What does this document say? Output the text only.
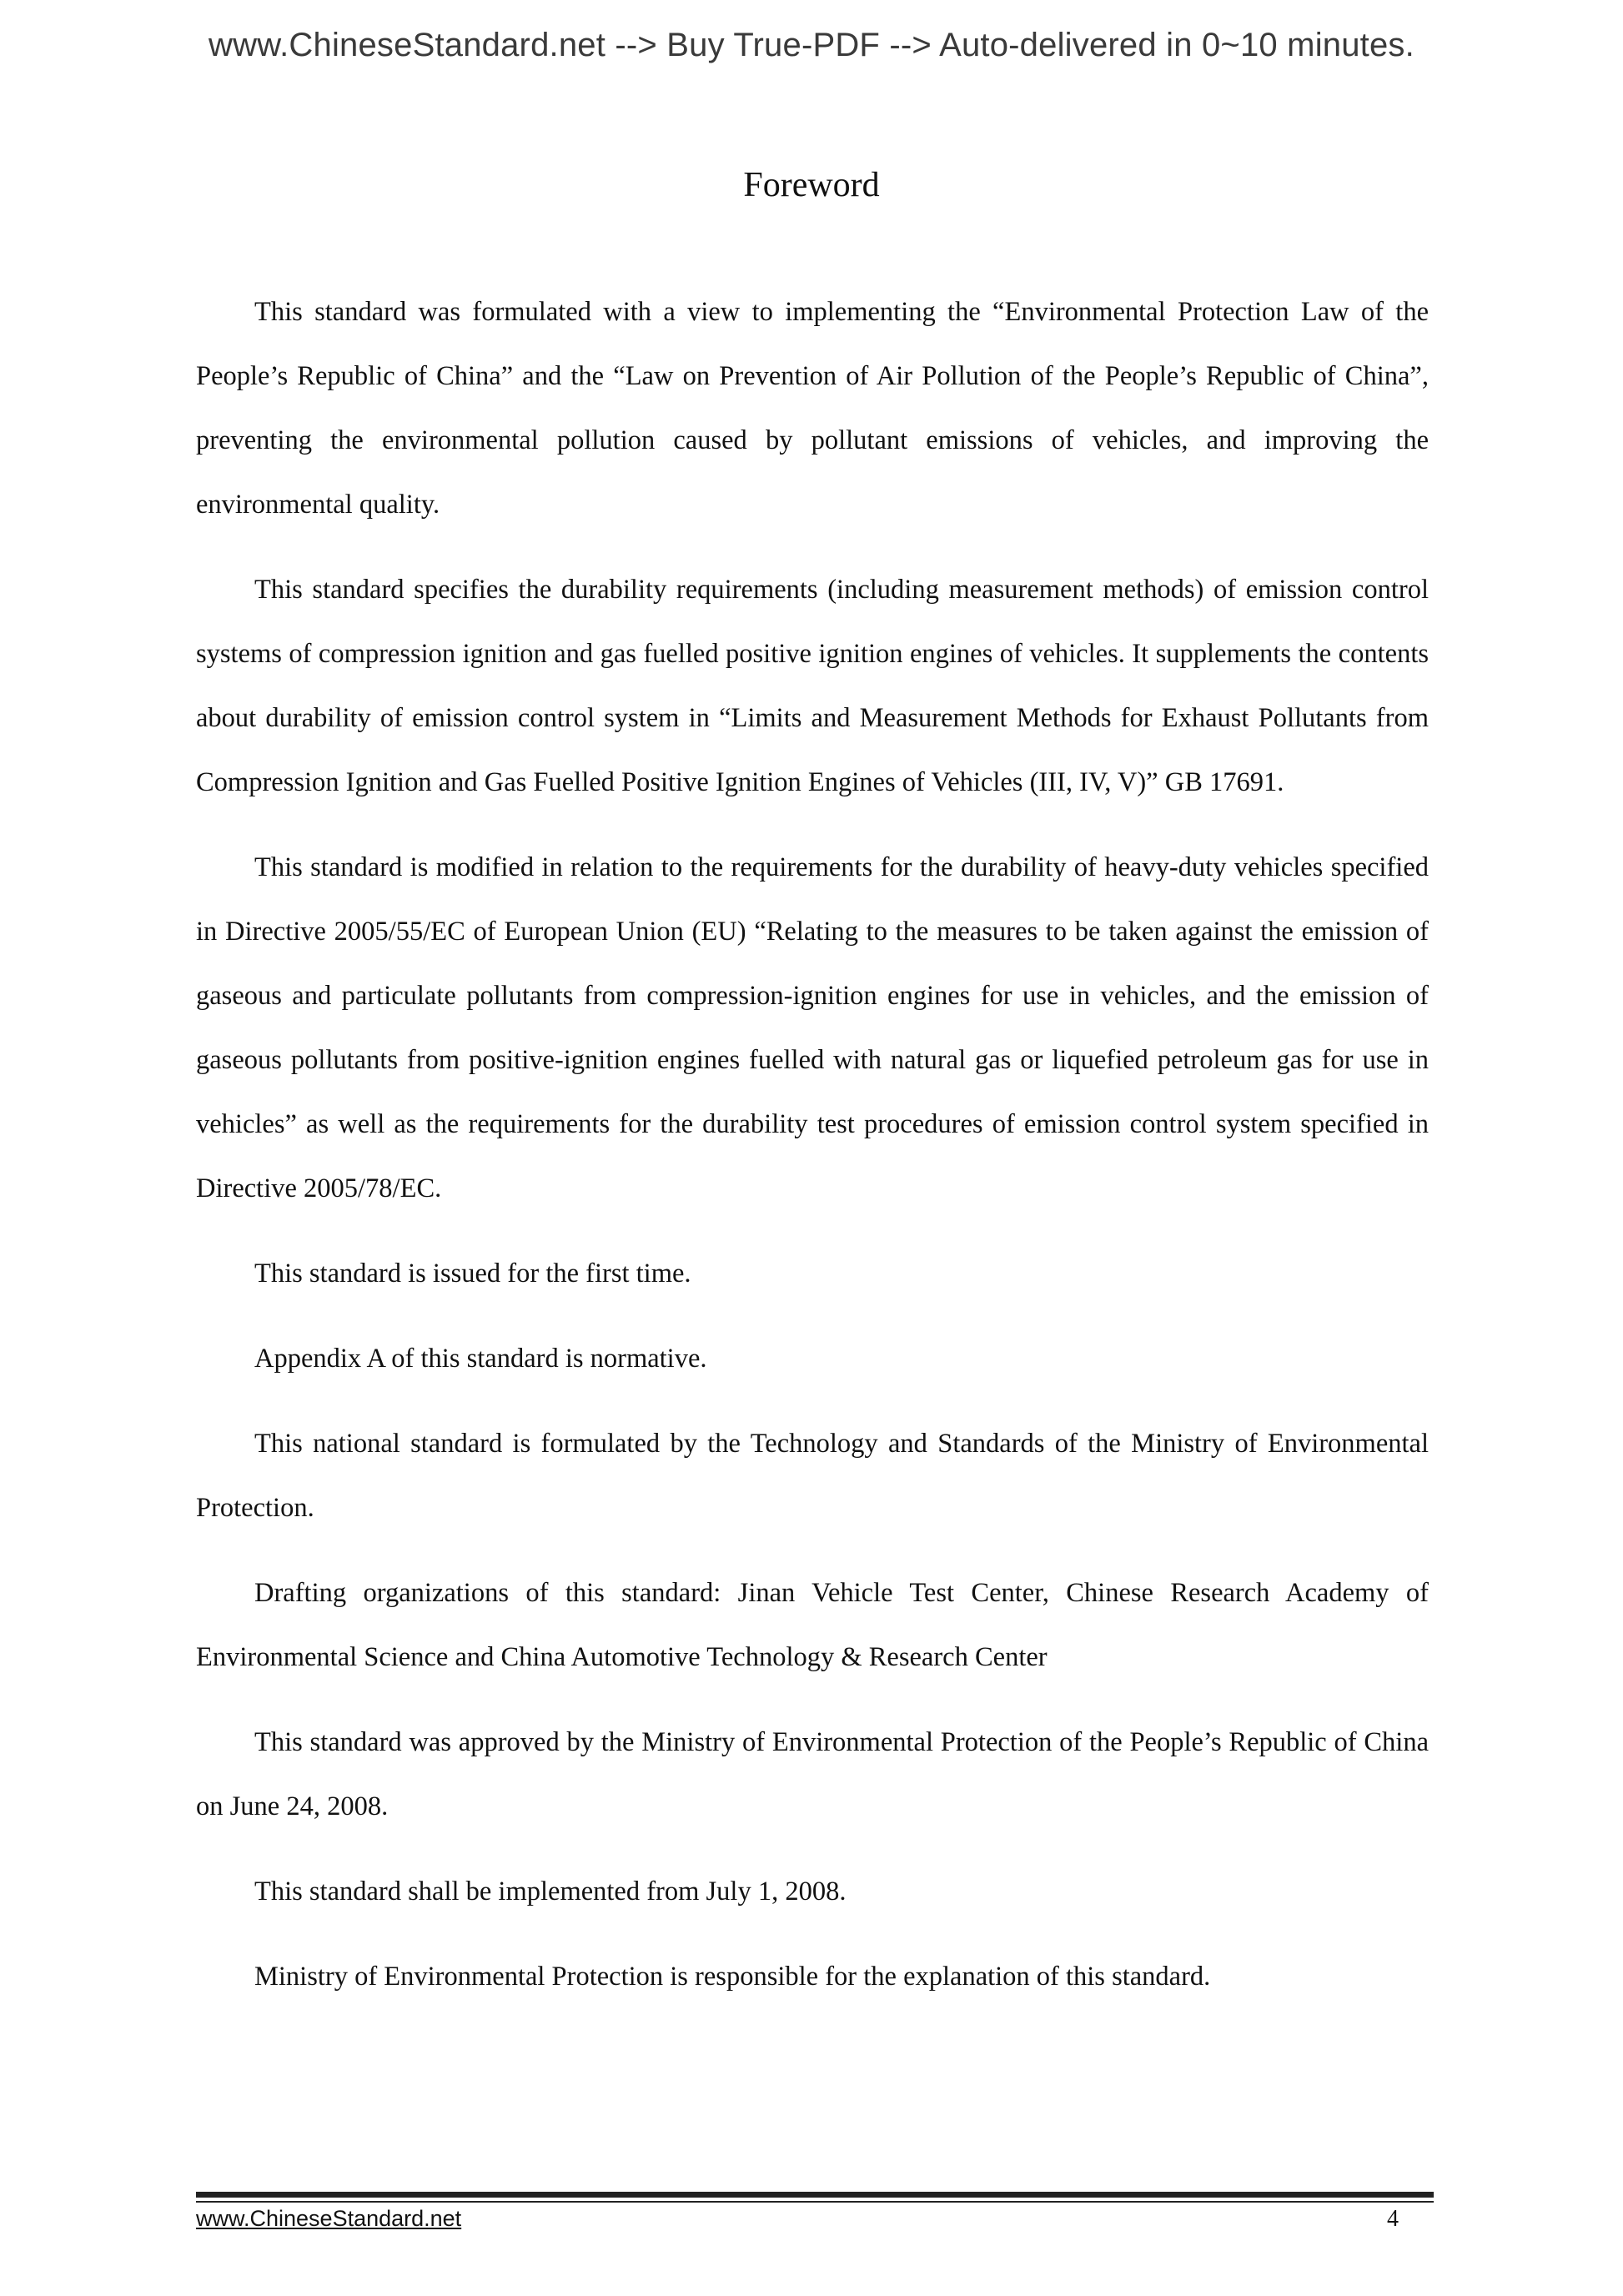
www.ChineseStandard.net --> Buy True-PDF --> Auto-delivered in 0~10 minutes.
Foreword

This standard was formulated with a view to implementing the “Environmental Protection Law of the People’s Republic of China” and the “Law on Prevention of Air Pollution of the People’s Republic of China”, preventing the environmental pollution caused by pollutant emissions of vehicles, and improving the environmental quality.

This standard specifies the durability requirements (including measurement methods) of emission control systems of compression ignition and gas fuelled positive ignition engines of vehicles. It supplements the contents about durability of emission control system in “Limits and Measurement Methods for Exhaust Pollutants from Compression Ignition and Gas Fuelled Positive Ignition Engines of Vehicles (III, IV, V)” GB 17691.

This standard is modified in relation to the requirements for the durability of heavy-duty vehicles specified in Directive 2005/55/EC of European Union (EU) “Relating to the measures to be taken against the emission of gaseous and particulate pollutants from compression-ignition engines for use in vehicles, and the emission of gaseous pollutants from positive-ignition engines fuelled with natural gas or liquefied petroleum gas for use in vehicles” as well as the requirements for the durability test procedures of emission control system specified in Directive 2005/78/EC.

This standard is issued for the first time.

Appendix A of this standard is normative.

This national standard is formulated by the Technology and Standards of the Ministry of Environmental Protection.

Drafting organizations of this standard: Jinan Vehicle Test Center, Chinese Research Academy of Environmental Science and China Automotive Technology & Research Center

This standard was approved by the Ministry of Environmental Protection of the People’s Republic of China on June 24, 2008.

This standard shall be implemented from July 1, 2008.

Ministry of Environmental Protection is responsible for the explanation of this standard.

www.ChineseStandard.net	4
